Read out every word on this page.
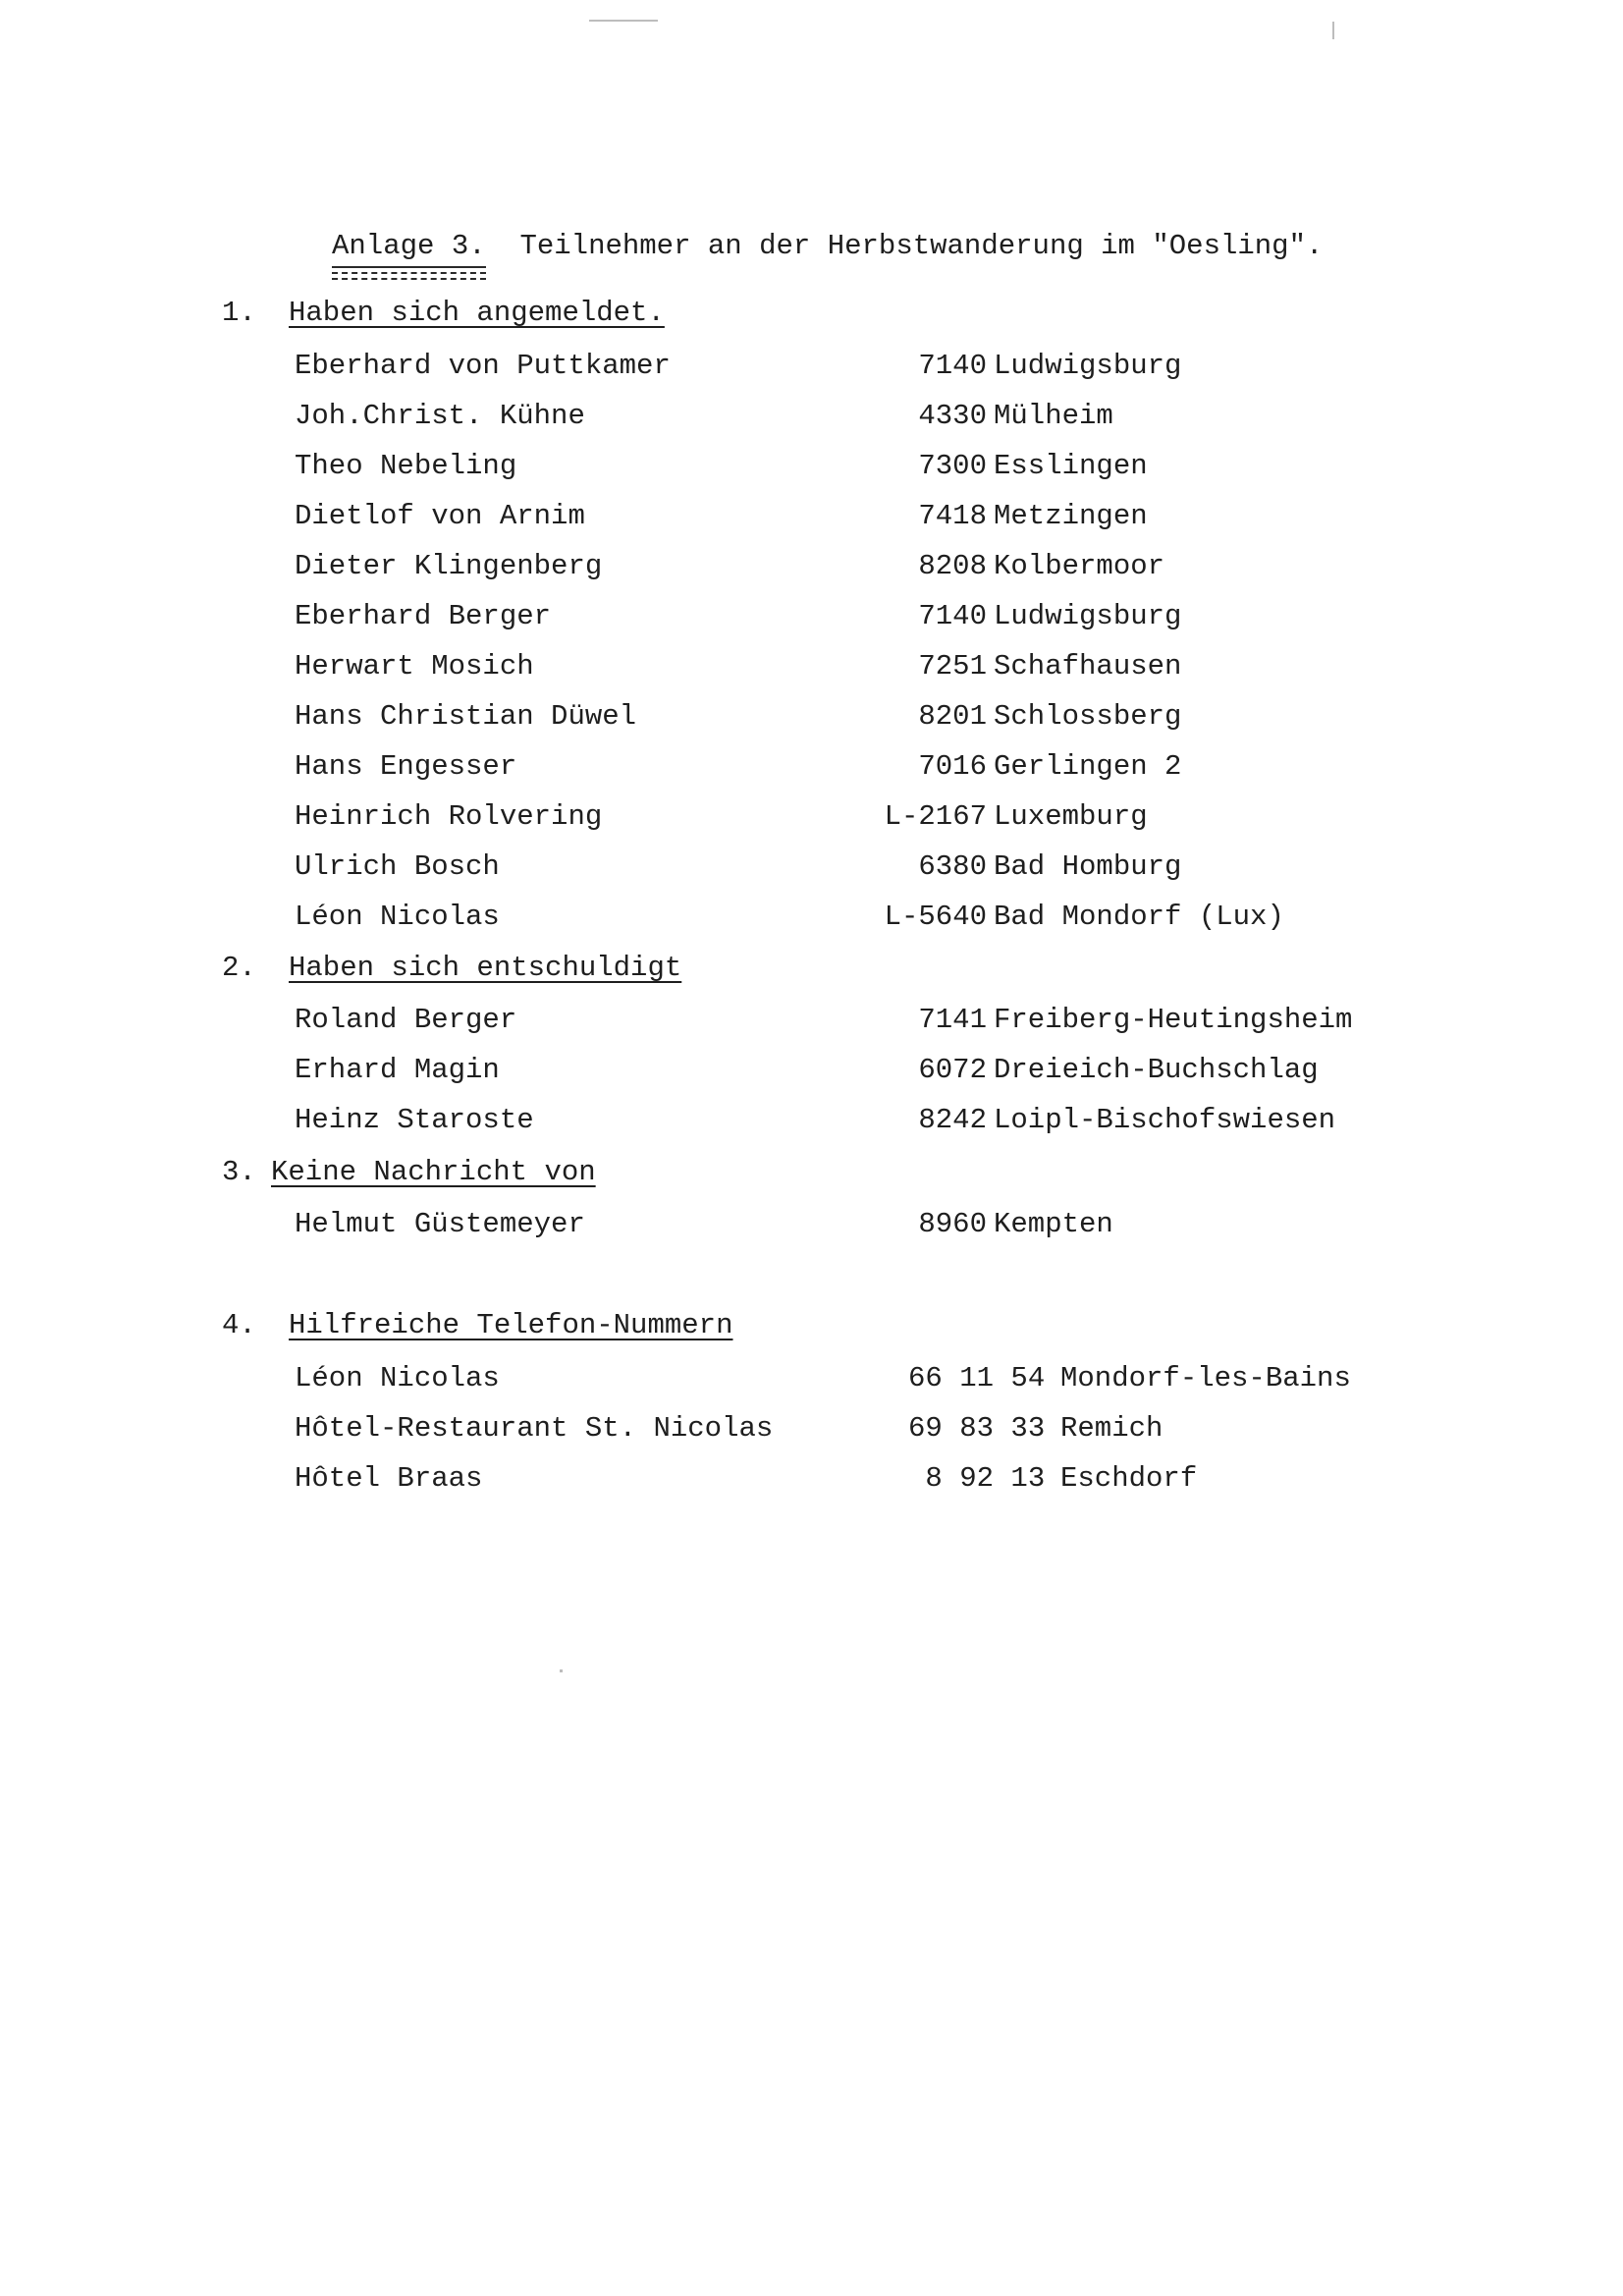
Anlage 3. Teilnehmer an der Herbstwanderung im "Oesling".
1. Haben sich angemeldet.
Eberhard von Puttkamer	7140 Ludwigsburg
Joh.Christ. Kühne	4330 Mülheim
Theo Nebeling	7300 Esslingen
Dietlof von Arnim	7418 Metzingen
Dieter Klingenberg	8208 Kolbermoor
Eberhard Berger	7140 Ludwigsburg
Herwart Mosich	7251 Schafhausen
Hans Christian Düwel	8201 Schlossberg
Hans Engesser	7016 Gerlingen 2
Heinrich Rolvering	L-2167 Luxemburg
Ulrich Bosch	6380 Bad Homburg
Léon Nicolas	L-5640 Bad Mondorf (Lux)
2. Haben sich entschuldigt
Roland Berger	7141 Freiberg-Heutingsheim
Erhard Magin	6072 Dreieich-Buchschlag
Heinz Staroste	8242 Loipl-Bischofswiesen
3. Keine Nachricht von
Helmut Güstemeyer	8960 Kempten
4. Hilfreiche Telefon-Nummern
Léon Nicolas	66 11 54 Mondorf-les-Bains
Hôtel-Restaurant St. Nicolas	69 83 33 Remich
Hôtel Braas	8 92 13 Eschdorf
